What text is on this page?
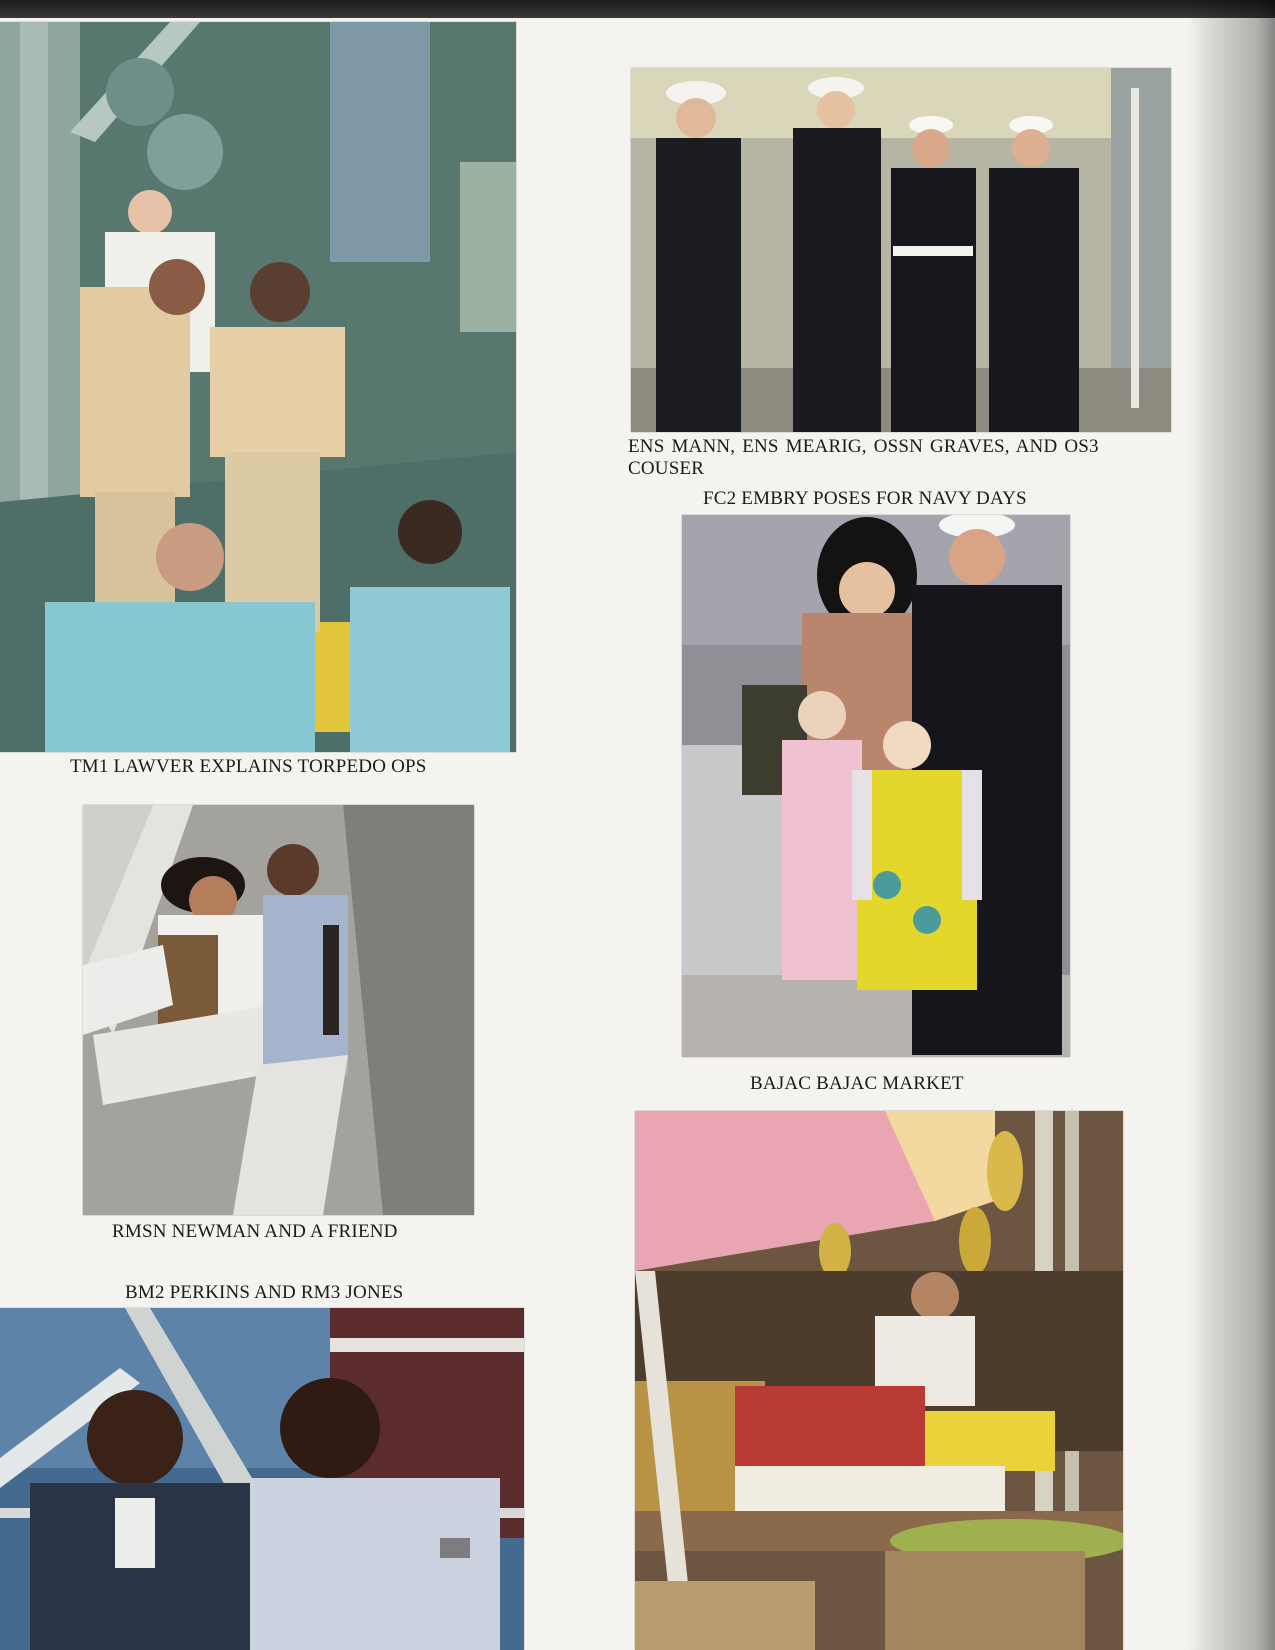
TM1 LAWVER EXPLAINS TORPEDO OPS
ENS MANN, ENS MEARIG, OSSN GRAVES, AND OS3
COUSER
FC2 EMBRY POSES FOR NAVY DAYS
BAJAC BAJAC MARKET
RMSN NEWMAN AND A FRIEND
BM2 PERKINS AND RM3 JONES
